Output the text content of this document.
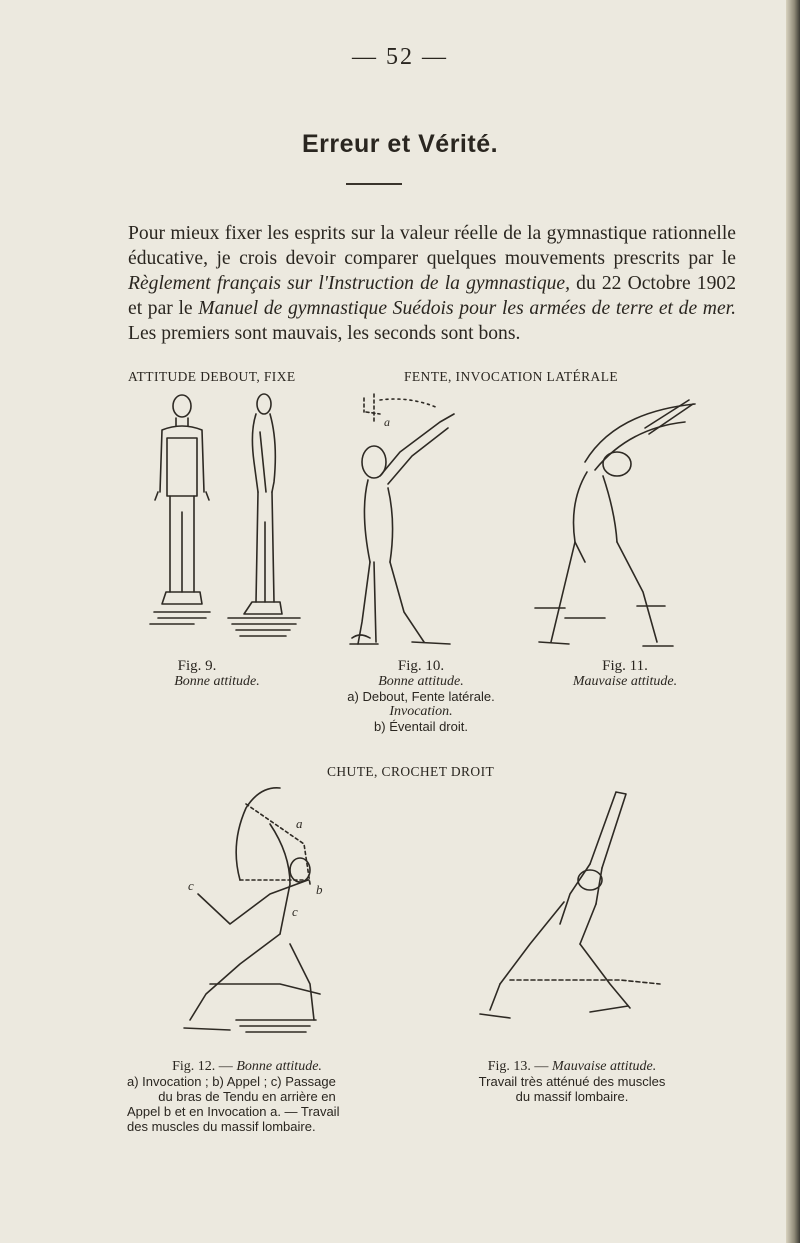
— 52 —
Erreur et Vérité.
Pour mieux fixer les esprits sur la valeur réelle de la gymnastique rationnelle éducative, je crois devoir comparer quelques mouvements prescrits par le Règlement français sur l'Instruction de la gymnastique, du 22 Octobre 1902 et par le Manuel de gymnastique Suédois pour les armées de terre et de mer. Les premiers sont mauvais, les seconds sont bons.
ATTITUDE DEBOUT, FIXE	FENTE, INVOCATION LATÉRALE
CHUTE, CROCHET DROIT
Fig. 9.
Bonne attitude.
a
Fig. 10.
Bonne attitude.
a) Debout, Fente latérale.
Invocation.
b) Éventail droit.
Fig. 11.
Mauvaise attitude.
a
b
c
c
Fig. 12. — Bonne attitude.
a) Invocation ; b) Appel ; c) Passage
du bras de Tendu en arrière en
Appel b et en Invocation a. — Travail
des muscles du massif lombaire.
Fig. 13. — Mauvaise attitude.
Travail très atténué des muscles
du massif lombaire.
